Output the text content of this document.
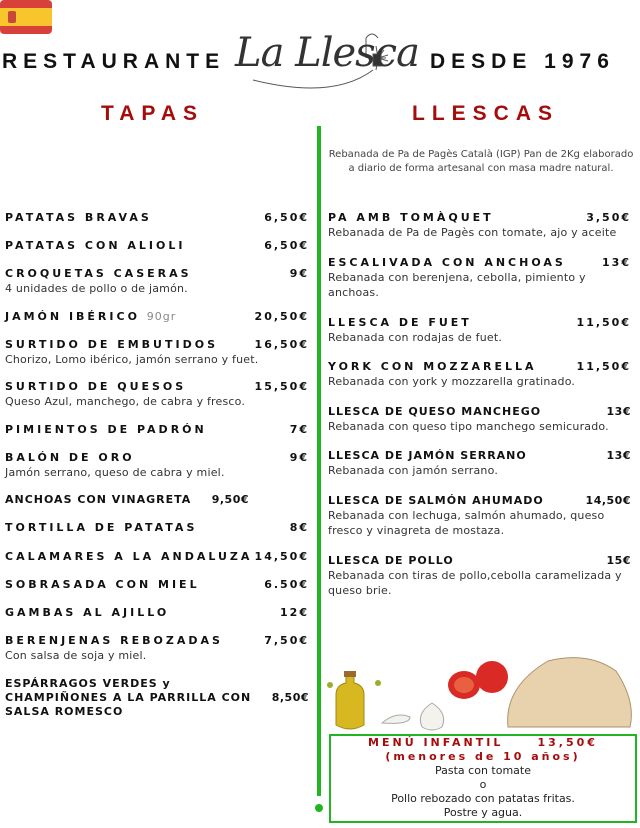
RESTAURANTE La Llesca DESDE 1976
TAPAS	LLESCAS
Rebanada de Pa de Pagès Català (IGP) Pan de 2Kg elaborado a diario de forma artesanal con masa madre natural.
PATATAS BRAVAS	6,50€
PATATAS CON ALIOLI	6,50€
CROQUETAS CASERAS	9€
4 unidades de pollo o de jamón.
JAMÓN IBÉRICO 90gr	20,50€
SURTIDO DE EMBUTIDOS	16,50€
Chorizo, Lomo ibérico, jamón serrano y fuet.
SURTIDO DE QUESOS	15,50€
Queso Azul, manchego, de cabra y fresco.
PIMIENTOS DE PADRÓN	7€
BALÓN DE ORO	9€
Jamón serrano, queso de cabra y miel.
ANCHOAS CON VINAGRETA	9,50€
TORTILLA DE PATATAS	8€
CALAMARES A LA ANDALUZA 14,50€
SOBRASADA CON MIEL	6.50€
GAMBAS AL AJILLO	12€
BERENJENAS REBOZADAS	7,50€
Con salsa de soja y miel.
ESPÁRRAGOS VERDES y CHAMPIÑONES A LA PARRILLA CON SALSA ROMESCO
8,50€
PA AMB TOMÀQUET	3,50€
Rebanada de Pa de Pagès con tomate, ajo y aceite
ESCALIVADA CON ANCHOAS	13€
Rebanada con berenjena, cebolla, pimiento y anchoas.
LLESCA DE FUET	11,50€
Rebanada con rodajas de fuet.
YORK CON MOZZARELLA	11,50€
Rebanada con york y mozzarella gratinado.
LLESCA DE QUESO MANCHEGO	13€
Rebanada con queso tipo manchego semicurado.
LLESCA DE JAMÓN SERRANO	13€
Rebanada con jamón serrano.
LLESCA DE SALMÓN AHUMADO	14,50€
Rebanada con lechuga, salmón ahumado, queso fresco y vinagreta de mostaza.
LLESCA DE POLLO	15€
Rebanada con tiras de pollo,cebolla caramelizada y queso brie.
MENÚ INFANTIL	13,50€
(menores de 10 años)
Pasta con tomate
o
Pollo rebozado con patatas fritas.
Postre y agua.
